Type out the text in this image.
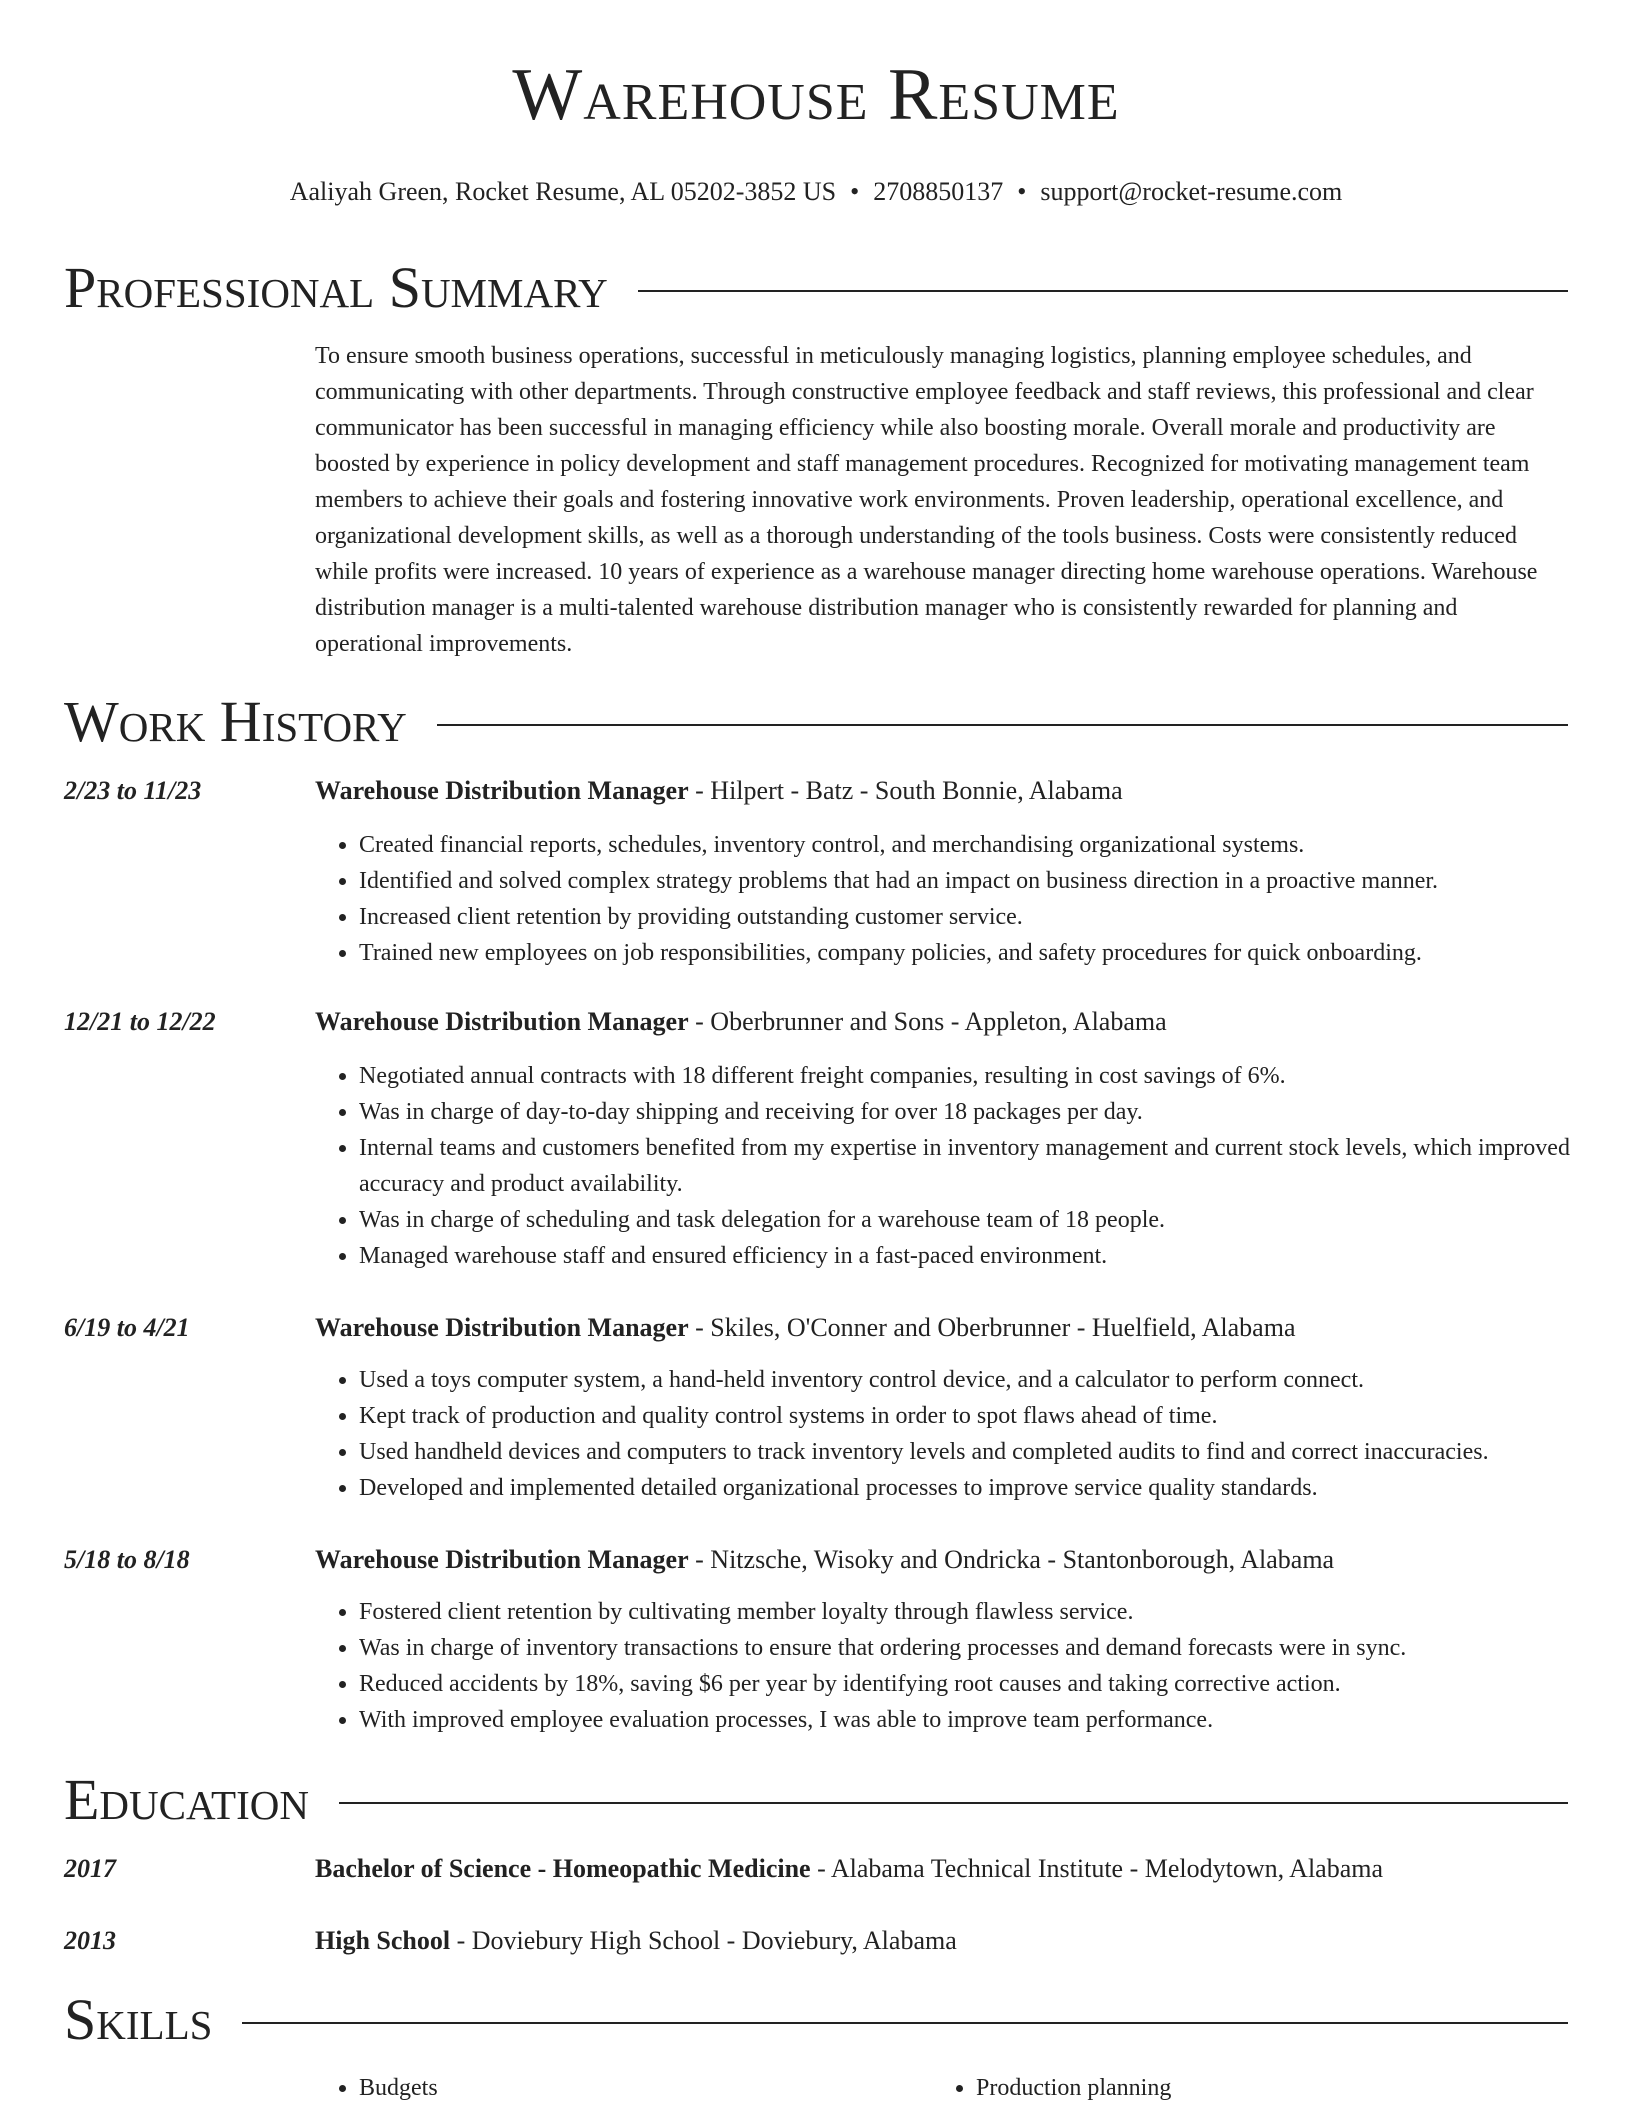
Warehouse Resume
Aaliyah Green, Rocket Resume, AL 05202-3852 US • 2708850137 • support@rocket-resume.com
Professional Summary
To ensure smooth business operations, successful in meticulously managing logistics, planning employee schedules, and communicating with other departments. Through constructive employee feedback and staff reviews, this professional and clear communicator has been successful in managing efficiency while also boosting morale. Overall morale and productivity are boosted by experience in policy development and staff management procedures. Recognized for motivating management team members to achieve their goals and fostering innovative work environments. Proven leadership, operational excellence, and organizational development skills, as well as a thorough understanding of the tools business. Costs were consistently reduced while profits were increased. 10 years of experience as a warehouse manager directing home warehouse operations. Warehouse distribution manager is a multi-talented warehouse distribution manager who is consistently rewarded for planning and operational improvements.
Work History
2/23 to 11/23	Warehouse Distribution Manager - Hilpert - Batz - South Bonnie, Alabama

• Created financial reports, schedules, inventory control, and merchandising organizational systems.
• Identified and solved complex strategy problems that had an impact on business direction in a proactive manner.
• Increased client retention by providing outstanding customer service.
• Trained new employees on job responsibilities, company policies, and safety procedures for quick onboarding.
12/21 to 12/22	Warehouse Distribution Manager - Oberbrunner and Sons - Appleton, Alabama

• Negotiated annual contracts with 18 different freight companies, resulting in cost savings of 6%.
• Was in charge of day-to-day shipping and receiving for over 18 packages per day.
• Internal teams and customers benefited from my expertise in inventory management and current stock levels, which improved accuracy and product availability.
• Was in charge of scheduling and task delegation for a warehouse team of 18 people.
• Managed warehouse staff and ensured efficiency in a fast-paced environment.
6/19 to 4/21	Warehouse Distribution Manager - Skiles, O'Conner and Oberbrunner - Huelfield, Alabama

• Used a toys computer system, a hand-held inventory control device, and a calculator to perform connect.
• Kept track of production and quality control systems in order to spot flaws ahead of time.
• Used handheld devices and computers to track inventory levels and completed audits to find and correct inaccuracies.
• Developed and implemented detailed organizational processes to improve service quality standards.
5/18 to 8/18	Warehouse Distribution Manager - Nitzsche, Wisoky and Ondricka - Stantonborough, Alabama

• Fostered client retention by cultivating member loyalty through flawless service.
• Was in charge of inventory transactions to ensure that ordering processes and demand forecasts were in sync.
• Reduced accidents by 18%, saving $6 per year by identifying root causes and taking corrective action.
• With improved employee evaluation processes, I was able to improve team performance.
Education
2017	Bachelor of Science - Homeopathic Medicine - Alabama Technical Institute - Melodytown, Alabama

2013	High School - Doviebury High School - Doviebury, Alabama

Skills
• Budgets
•	Production planning
